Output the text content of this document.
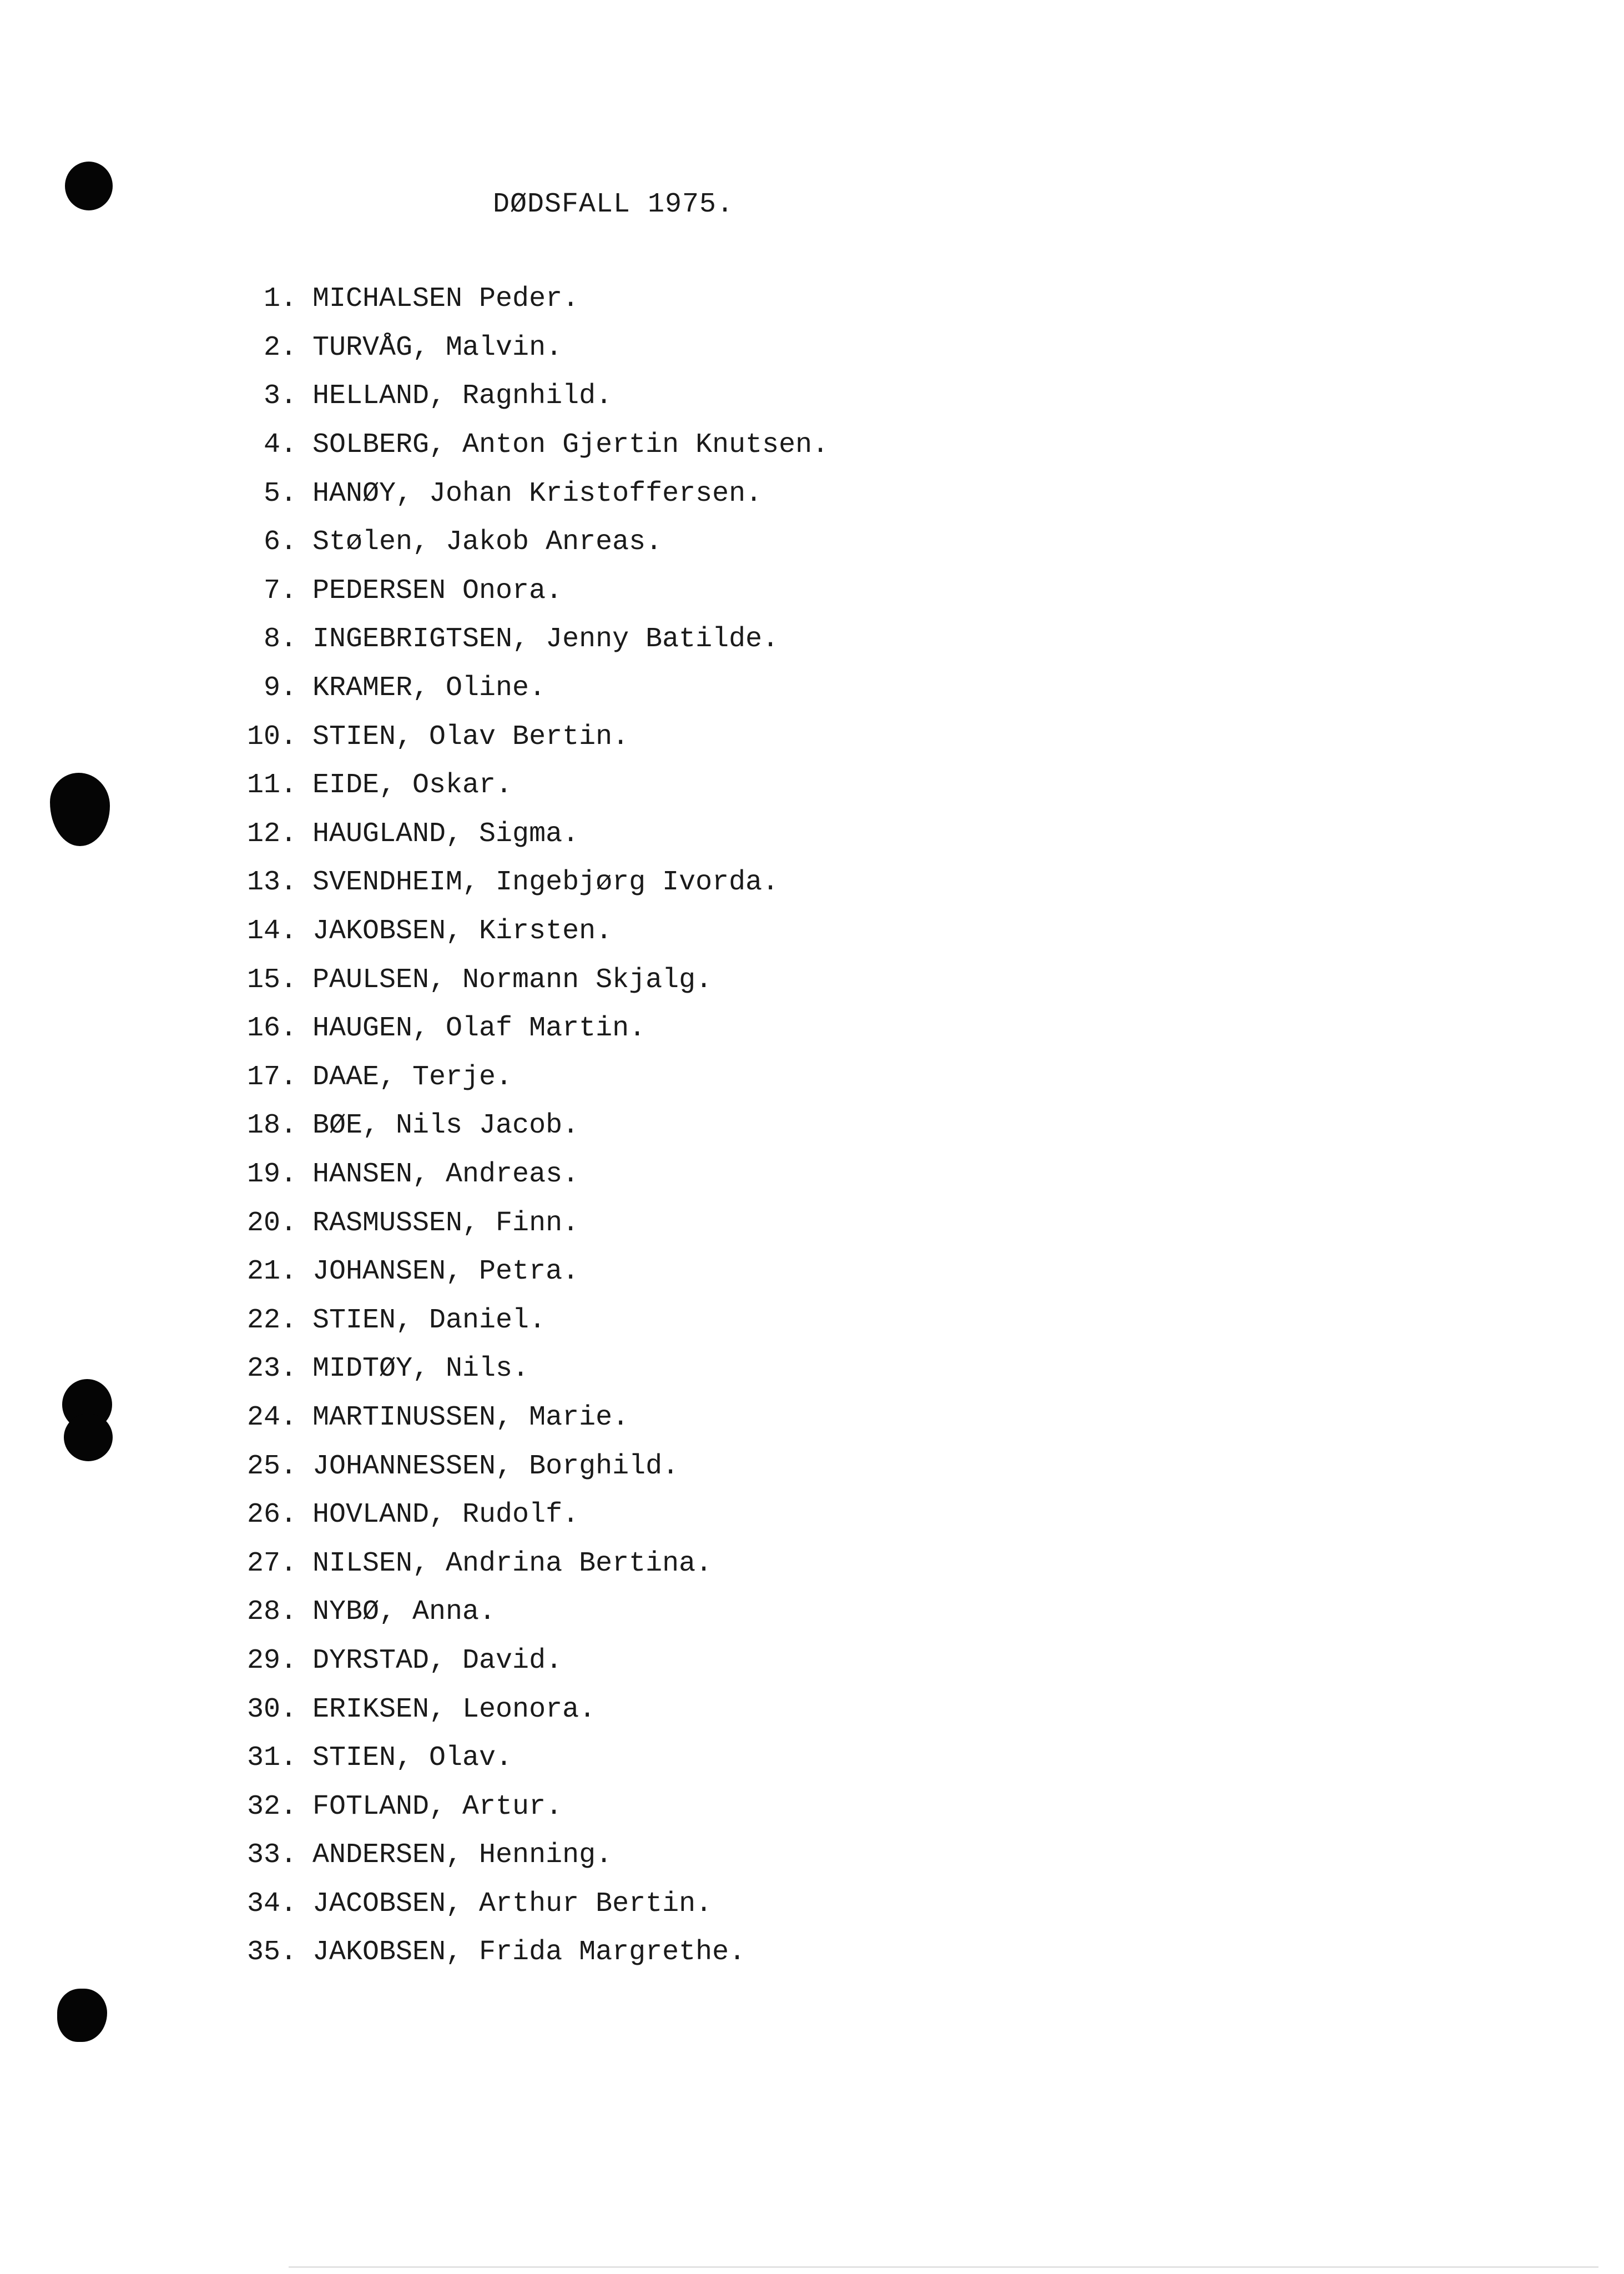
DØDSFALL 1975.
1. MICHALSEN Peder.
2. TURVÅG, Malvin.
3. HELLAND, Ragnhild.
4. SOLBERG, Anton Gjertin Knutsen.
5. HANØY, Johan Kristoffersen.
6. Stølen, Jakob Anreas.
7. PEDERSEN Onora.
8. INGEBRIGTSEN, Jenny Batilde.
9. KRAMER, Oline.
10. STIEN, Olav Bertin.
11. EIDE, Oskar.
12. HAUGLAND, Sigma.
13. SVENDHEIM, Ingebjørg Ivorda.
14. JAKOBSEN, Kirsten.
15. PAULSEN, Normann Skjalg.
16. HAUGEN, Olaf Martin.
17. DAAE, Terje.
18. BØE, Nils Jacob.
19. HANSEN, Andreas.
20. RASMUSSEN, Finn.
21. JOHANSEN, Petra.
22. STIEN, Daniel.
23. MIDTØY, Nils.
24. MARTINUSSEN, Marie.
25. JOHANNESSEN, Borghild.
26. HOVLAND, Rudolf.
27. NILSEN, Andrina Bertina.
28. NYBØ, Anna.
29. DYRSTAD, David.
30. ERIKSEN, Leonora.
31. STIEN, Olav.
32. FOTLAND, Artur.
33. ANDERSEN, Henning.
34. JACOBSEN, Arthur Bertin.
35. JAKOBSEN, Frida Margrethe.
